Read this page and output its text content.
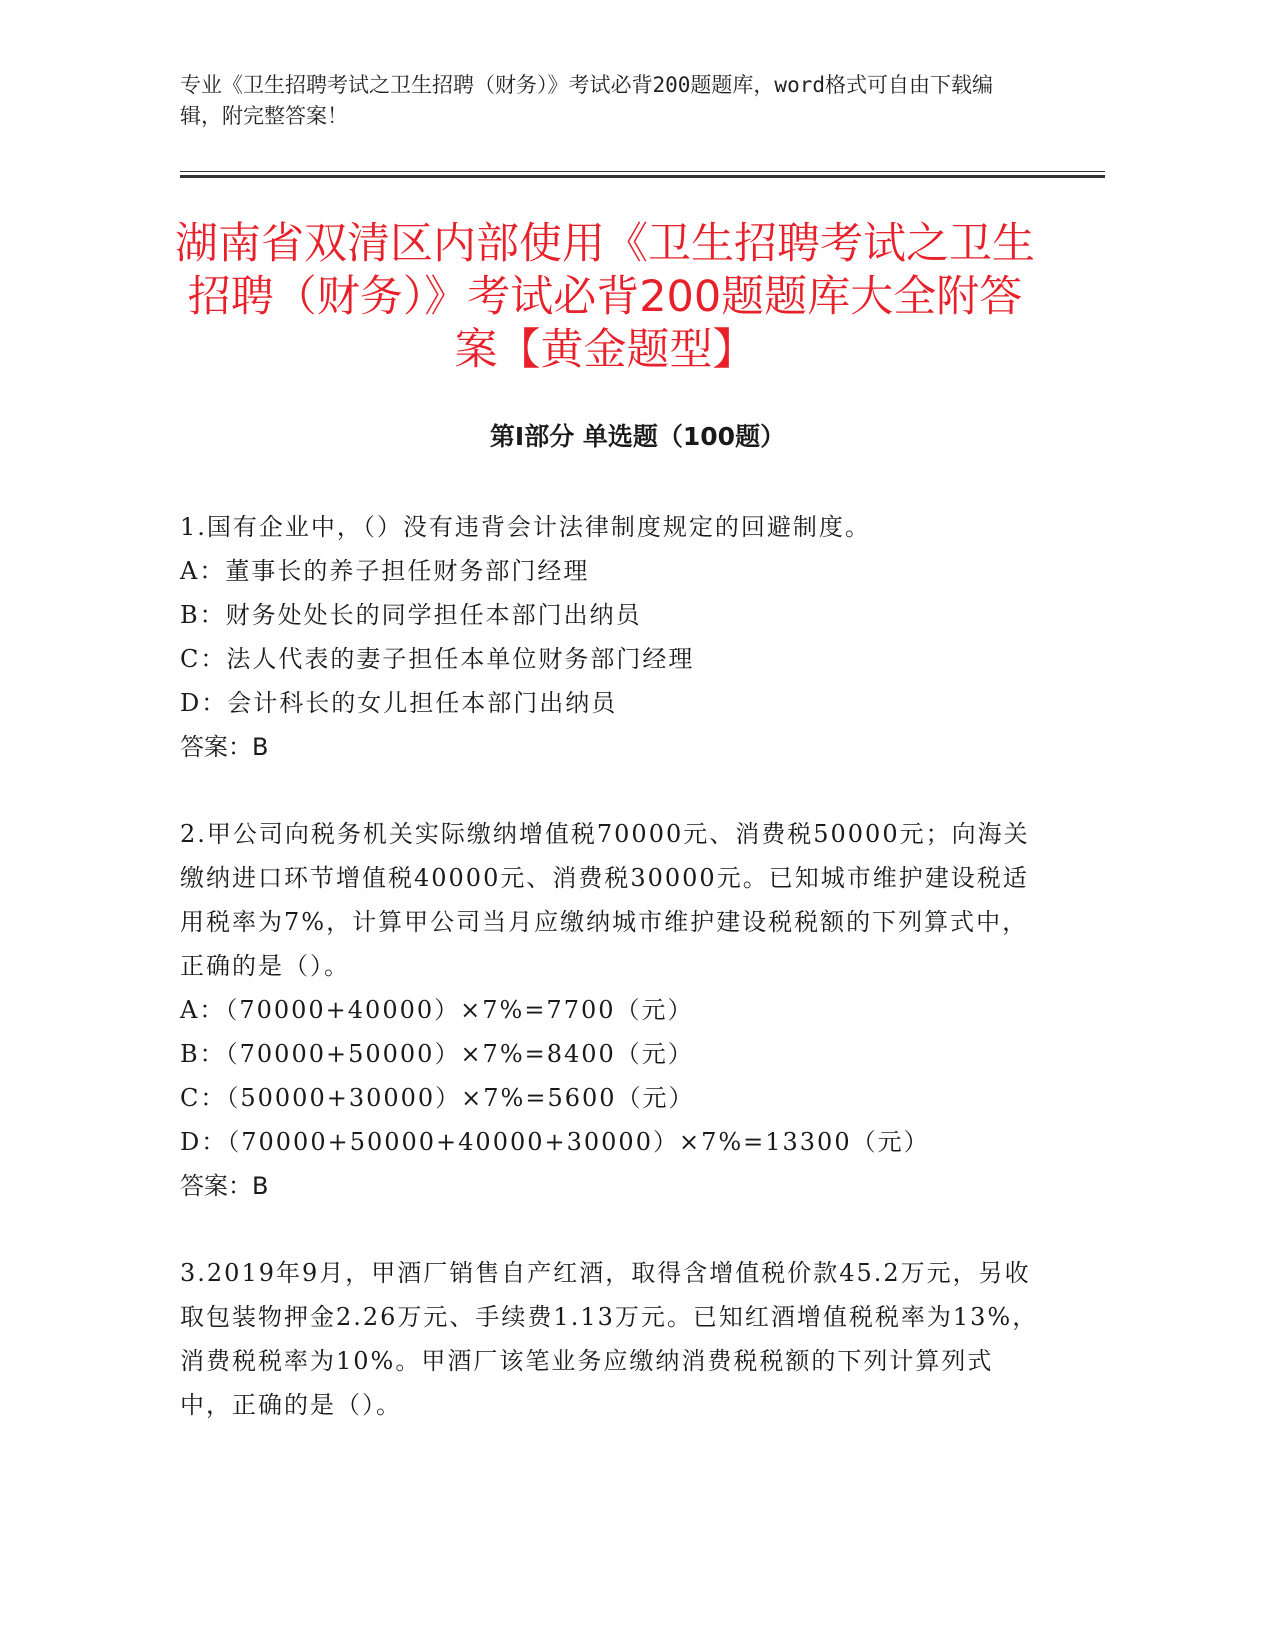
专业《卫生招聘考试之卫生招聘（财务）》考试必背200题题库，word格式可自由下载编辑，附完整答案！
湖南省双清区内部使用《卫生招聘考试之卫生招聘（财务）》考试必背200题题库大全附答案【黄金题型】
第Ⅰ部分 单选题（100题）
1.国有企业中，（）没有违背会计法律制度规定的回避制度。
A：董事长的养子担任财务部门经理
B：财务处处长的同学担任本部门出纳员
C：法人代表的妻子担任本单位财务部门经理
D：会计科长的女儿担任本部门出纳员
答案：B
2.甲公司向税务机关实际缴纳增值税70000元、消费税50000元；向海关缴纳进口环节增值税40000元、消费税30000元。已知城市维护建设税适用税率为7%，计算甲公司当月应缴纳城市维护建设税税额的下列算式中，正确的是（）。
A：（70000+40000）×7%=7700（元）
B：（70000+50000）×7%=8400（元）
C：（50000+30000）×7%=5600（元）
D：（70000+50000+40000+30000）×7%=13300（元）
答案：B
3.2019年9月，甲酒厂销售自产红酒，取得含增值税价款45.2万元，另收取包装物押金2.26万元、手续费1.13万元。已知红酒增值税税率为13%，消费税税率为10%。甲酒厂该笔业务应缴纳消费税税额的下列计算列式中，正确的是（）。
